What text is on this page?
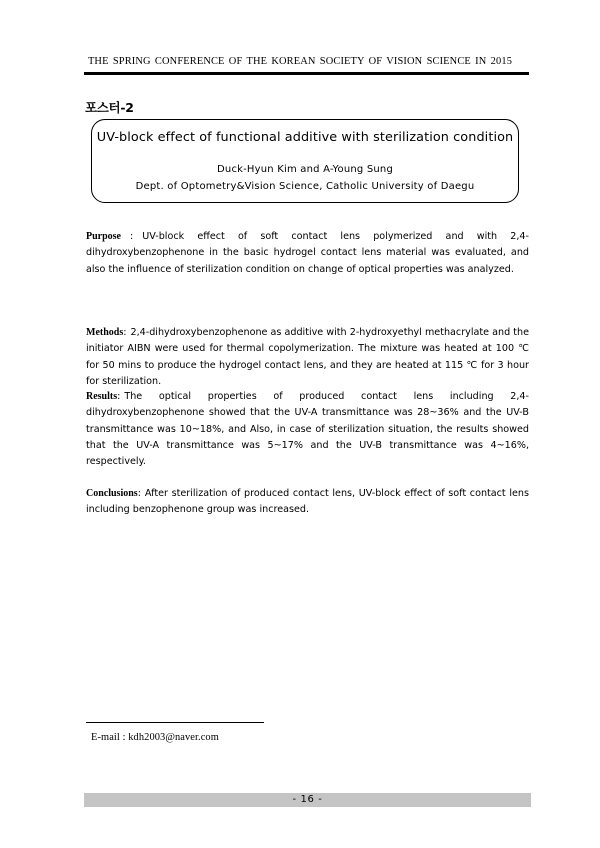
THE SPRING CONFERENCE OF THE KOREAN SOCIETY OF VISION SCIENCE IN 2015
포스터-2
UV-block effect of functional additive with sterilization condition
Duck-Hyun Kim and A-Young Sung
Dept. of Optometry&Vision Science, Catholic University of Daegu

Purpose : UV-block effect of soft contact lens polymerized and with 2,4-dihydroxybenzophenone in the basic hydrogel contact lens material was evaluated, and also the influence of sterilization condition on change of optical properties was analyzed.

Methods: 2,4-dihydroxybenzophenone as additive with 2-hydroxyethyl methacrylate and the initiator AIBN were used for thermal copolymerization. The mixture was heated at 100 ℃ for 50 mins to produce the hydrogel contact lens, and they are heated at 115 ℃ for 3 hour for sterilization.

Results: The optical properties of produced contact lens including 2,4-dihydroxybenzophenone showed that the UV-A transmittance was 28~36% and the UV-B transmittance was 10~18%, and Also, in case of sterilization situation, the results showed that the UV-A transmittance was 5~17% and the UV-B transmittance was 4~16%, respectively.

Conclusions: After sterilization of produced contact lens, UV-block effect of soft contact lens including benzophenone group was increased.

E-mail : kdh2003@naver.com
- 16 -
